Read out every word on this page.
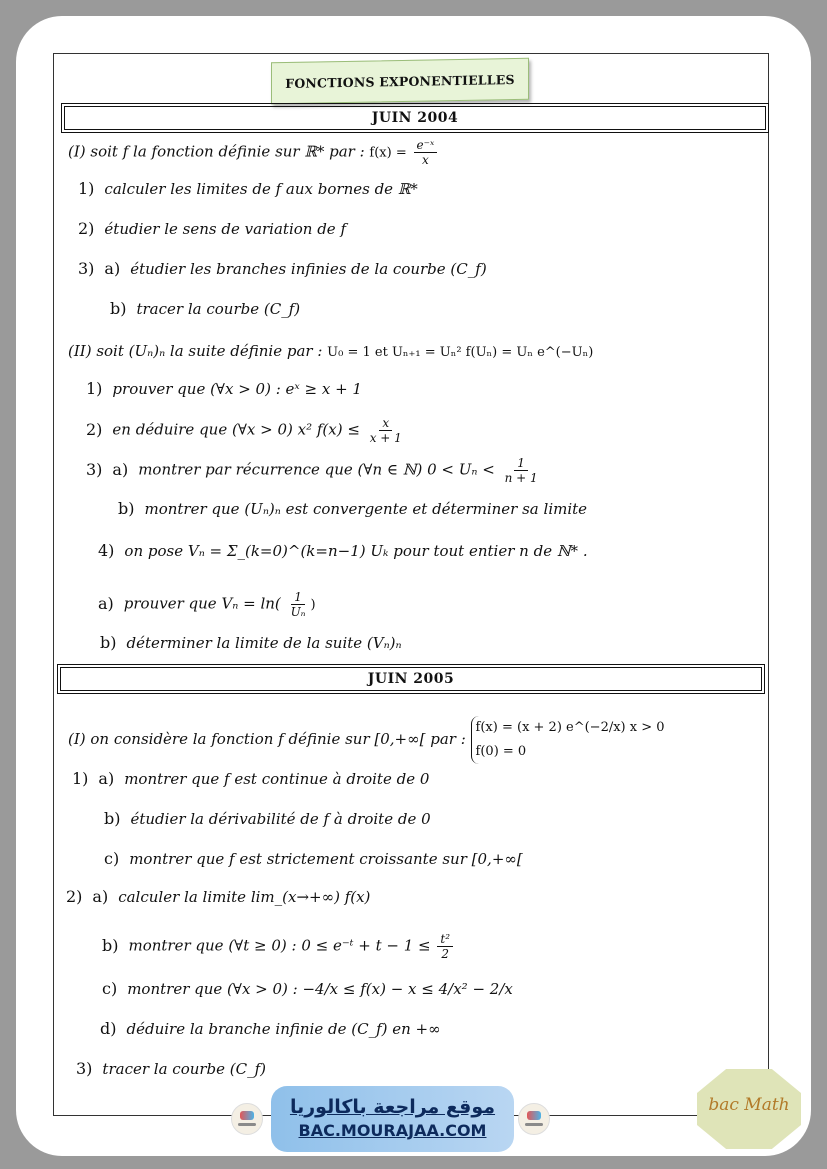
FONCTIONS EXPONENTIELLES
JUIN 2004
(I) soit f la fonction définie sur ℝ* par : $f(x) = \frac{\text{e⁻ˣ}}{x}$
1) calculer les limites de f aux bornes de ℝ*
2) étudier le sens de variation de f
3) a) étudier les branches infinies de la courbe (C_f)
b) tracer la courbe (C_f)
(II) soit (Uₙ)ₙ la suite définie par : U₀ = 1 et Uₙ₊₁ = Uₙ² f(Uₙ) = Uₙ e^(−Uₙ)
1) prouver que (∀x > 0) : eˣ ≥ x + 1
2) en déduire que (∀x > 0) x² $f(x) \le \frac{x}{x + 1}$
3) a) montrer par récurrence que (∀n ∈ ℕ) $0 < U_n < \frac{1}{n + 1}$
b) montrer que (Uₙ)ₙ est convergente et déterminer sa limite
4) on pose Vₙ = Σ_(k=0)^(k=n−1) Uₖ pour tout entier n de ℕ* .
a) prouver que $V_n = \ln( \frac{1}{\text{Uₙ}}$ )
b) déterminer la limite de la suite (Vₙ)ₙ
JUIN 2005
(I) on considère la fonction f définie sur [0,+∞[ par : f(x) = (x + 2) e^(−2/x) x > 0
f(0) = 0
1) a) montrer que f est continue à droite de 0
b) étudier la dérivabilité de f à droite de 0
c) montrer que f est strictement croissante sur [0,+∞[
2) a) calculer la limite lim_(x→+∞) f(x)
b) montrer que (∀t ≥ 0) : 0 ≤ e⁻ᵗ + $t - 1 \le \frac{\text{t²}}{2}$
c) montrer que (∀x > 0) : −4/x ≤ f(x) − x ≤ 4/x² − 2/x
d) déduire la branche infinie de (C_f) en +∞
3) tracer la courbe (C_f)
موقع مراجعة باكالوريا
BAC.MOURAJAA.COM
bac Math
